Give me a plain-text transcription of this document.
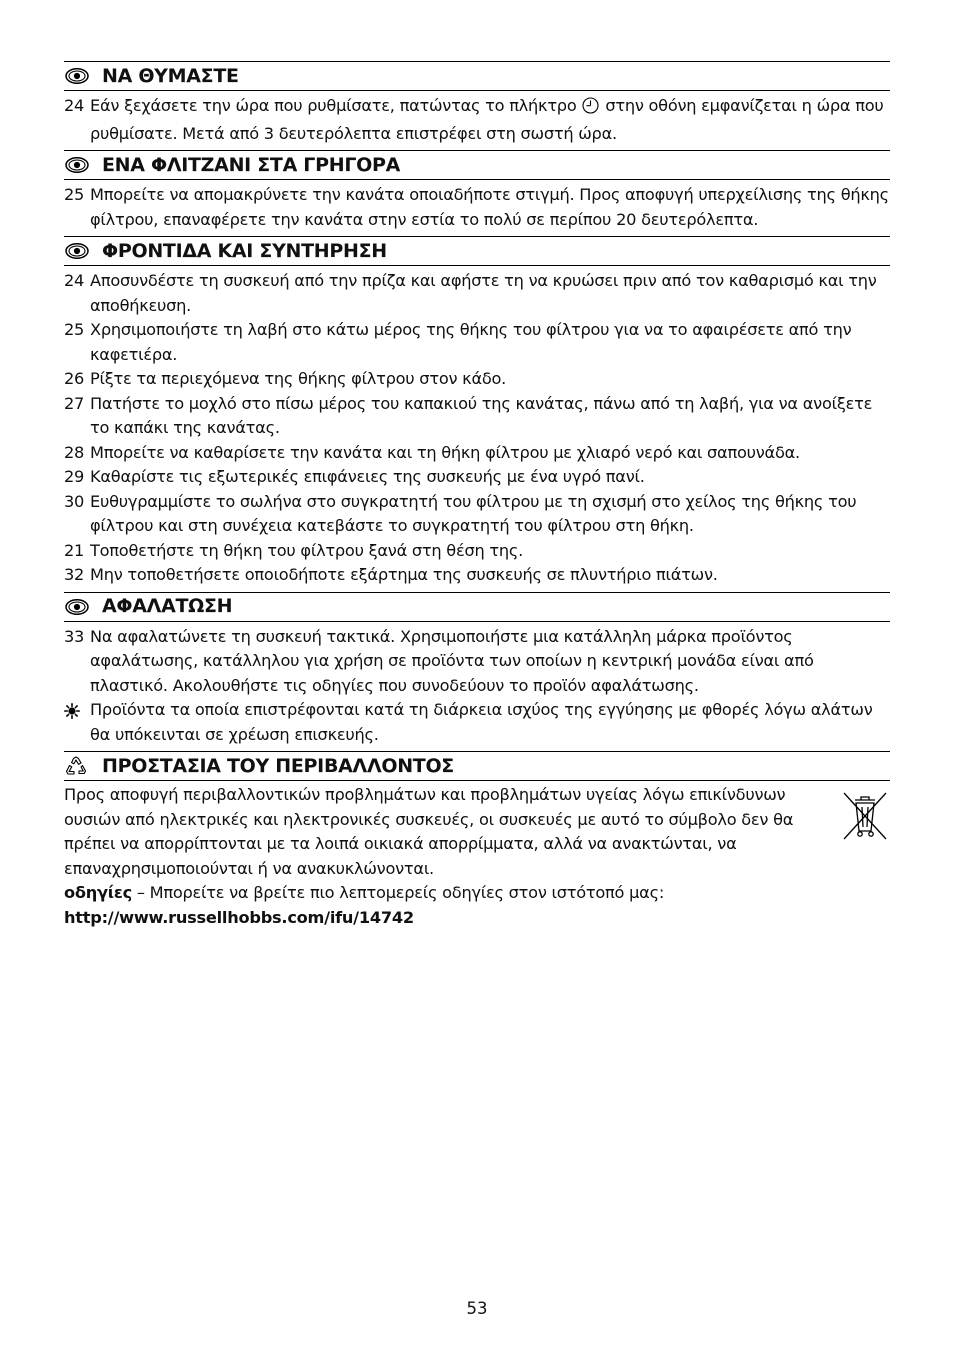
ΝΑ ΘΥΜΑΣΤΕ
24 Εάν ξεχάσετε την ώρα που ρυθμίσατε, πατώντας το πλήκτρο στην οθόνη εμφανίζεται η ώρα που ρυθμίσατε. Μετά από 3 δευτερόλεπτα επιστρέφει στη σωστή ώρα.
ΕΝΑ ΦΛΙΤΖΑΝΙ ΣΤΑ ΓΡΗΓΟΡΑ
25 Μπορείτε να απομακρύνετε την κανάτα οποιαδήποτε στιγμή. Προς αποφυγή υπερχείλισης της θήκης φίλτρου, επαναφέρετε την κανάτα στην εστία το πολύ σε περίπου 20 δευτερόλεπτα.
ΦΡΟΝΤΙΔΑ ΚΑΙ ΣΥΝΤΗΡΗΣΗ
24 Αποσυνδέστε τη συσκευή από την πρίζα και αφήστε τη να κρυώσει πριν από τον καθαρισμό και την αποθήκευση.
25 Χρησιμοποιήστε τη λαβή στο κάτω μέρος της θήκης του φίλτρου για να το αφαιρέσετε από την καφετιέρα.
26 Ρίξτε τα περιεχόμενα της θήκης φίλτρου στον κάδο.
27 Πατήστε το μοχλό στο πίσω μέρος του καπακιού της κανάτας, πάνω από τη λαβή, για να ανοίξετε το καπάκι της κανάτας.
28 Μπορείτε να καθαρίσετε την κανάτα και τη θήκη φίλτρου με χλιαρό νερό και σαπουνάδα.
29 Καθαρίστε τις εξωτερικές επιφάνειες της συσκευής με ένα υγρό πανί.
30 Ευθυγραμμίστε το σωλήνα στο συγκρατητή του φίλτρου με τη σχισμή στο χείλος της θήκης του φίλτρου και στη συνέχεια κατεβάστε το συγκρατητή του φίλτρου στη θήκη.
21 Τοποθετήστε τη θήκη του φίλτρου ξανά στη θέση της.
32 Μην τοποθετήσετε οποιοδήποτε εξάρτημα της συσκευής σε πλυντήριο πιάτων.
ΑΦΑΛΑΤΩΣΗ
33 Να αφαλατώνετε τη συσκευή τακτικά. Χρησιμοποιήστε μια κατάλληλη μάρκα προϊόντος αφαλάτωσης, κατάλληλου για χρήση σε προϊόντα των οποίων η κεντρική μονάδα είναι από πλαστικό. Ακολουθήστε τις οδηγίες που συνοδεύουν το προϊόν αφαλάτωσης.
Προϊόντα τα οποία επιστρέφονται κατά τη διάρκεια ισχύος της εγγύησης με φθορές λόγω αλάτων θα υπόκεινται σε χρέωση επισκευής.
ΠΡΟΣΤΑΣΙΑ ΤΟΥ ΠΕΡΙΒΑΛΛΟΝΤΟΣ
Προς αποφυγή περιβαλλοντικών προβλημάτων και προβλημάτων υγείας λόγω επικίνδυνων ουσιών από ηλεκτρικές και ηλεκτρονικές συσκευές, οι συσκευές με αυτό το σύμβολο δεν θα πρέπει να απορρίπτονται με τα λοιπά οικιακά απορρίμματα, αλλά να ανακτώνται, να επαναχρησιμοποιούνται ή να ανακυκλώνονται.
οδηγίες – Μπορείτε να βρείτε πιο λεπτομερείς οδηγίες στον ιστότοπό μας:
http://www.russellhobbs.com/ifu/14742
53
